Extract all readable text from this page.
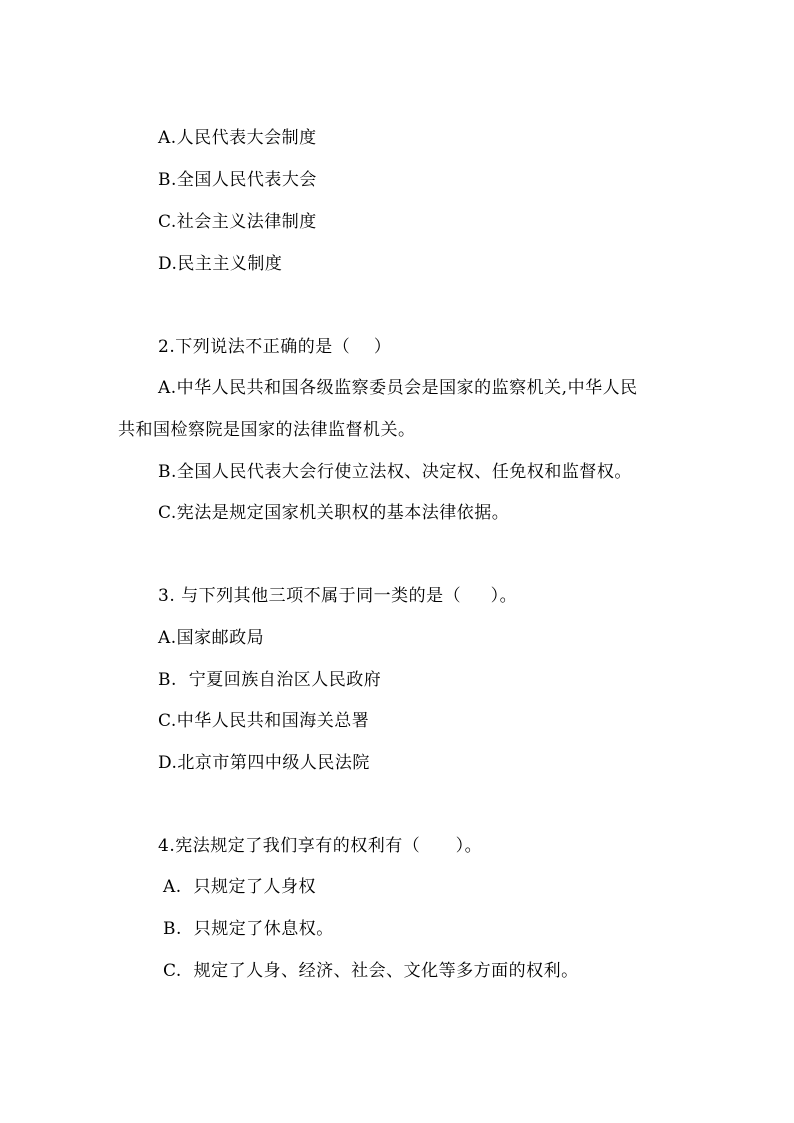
A.人民代表大会制度
B.全国人民代表大会
C.社会主义法律制度
D.民主主义制度
2.下列说法不正确的是（    ）
A.中华人民共和国各级监察委员会是国家的监察机关,中华人民
共和国检察院是国家的法律监督机关。
B.全国人民代表大会行使立法权、决定权、任免权和监督权。
C.宪法是规定国家机关职权的基本法律依据。
3. 与下列其他三项不属于同一类的是（     ）。
A.国家邮政局
B.  宁夏回族自治区人民政府
C.中华人民共和国海关总署
D.北京市第四中级人民法院
4.宪法规定了我们享有的权利有（      ）。
A.  只规定了人身权
B.  只规定了休息权。
C.  规定了人身、经济、社会、文化等多方面的权利。
